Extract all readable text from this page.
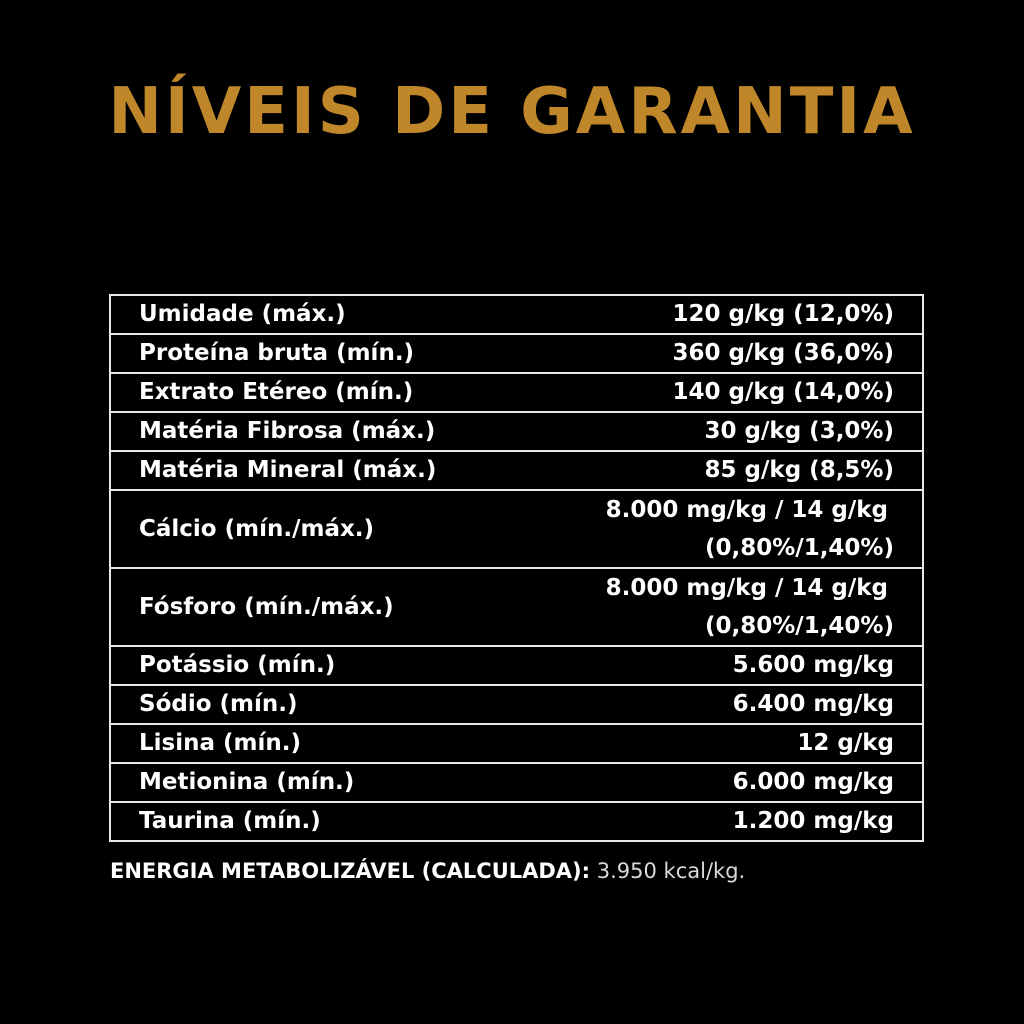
NÍVEIS DE GARANTIA
Umidade (máx.)	120 g/kg (12,0%)
Proteína bruta (mín.)	360 g/kg (36,0%)
Extrato Etéreo (mín.)	140 g/kg (14,0%)
Matéria Fibrosa (máx.)	30 g/kg (3,0%)
Matéria Mineral (máx.)	85 g/kg (8,5%)
Cálcio (mín./máx.)	8.000 mg/kg / 14 g/kg
(0,80%/1,40%)

Fósforo (mín./máx.)	8.000 mg/kg / 14 g/kg
(0,80%/1,40%)

Potássio (mín.)	5.600 mg/kg
Sódio (mín.)	6.400 mg/kg
Lisina (mín.)	12 g/kg
Metionina (mín.)	6.000 mg/kg
Taurina (mín.)	1.200 mg/kg
ENERGIA METABOLIZÁVEL (CALCULADA): 3.950 kcal/kg.
